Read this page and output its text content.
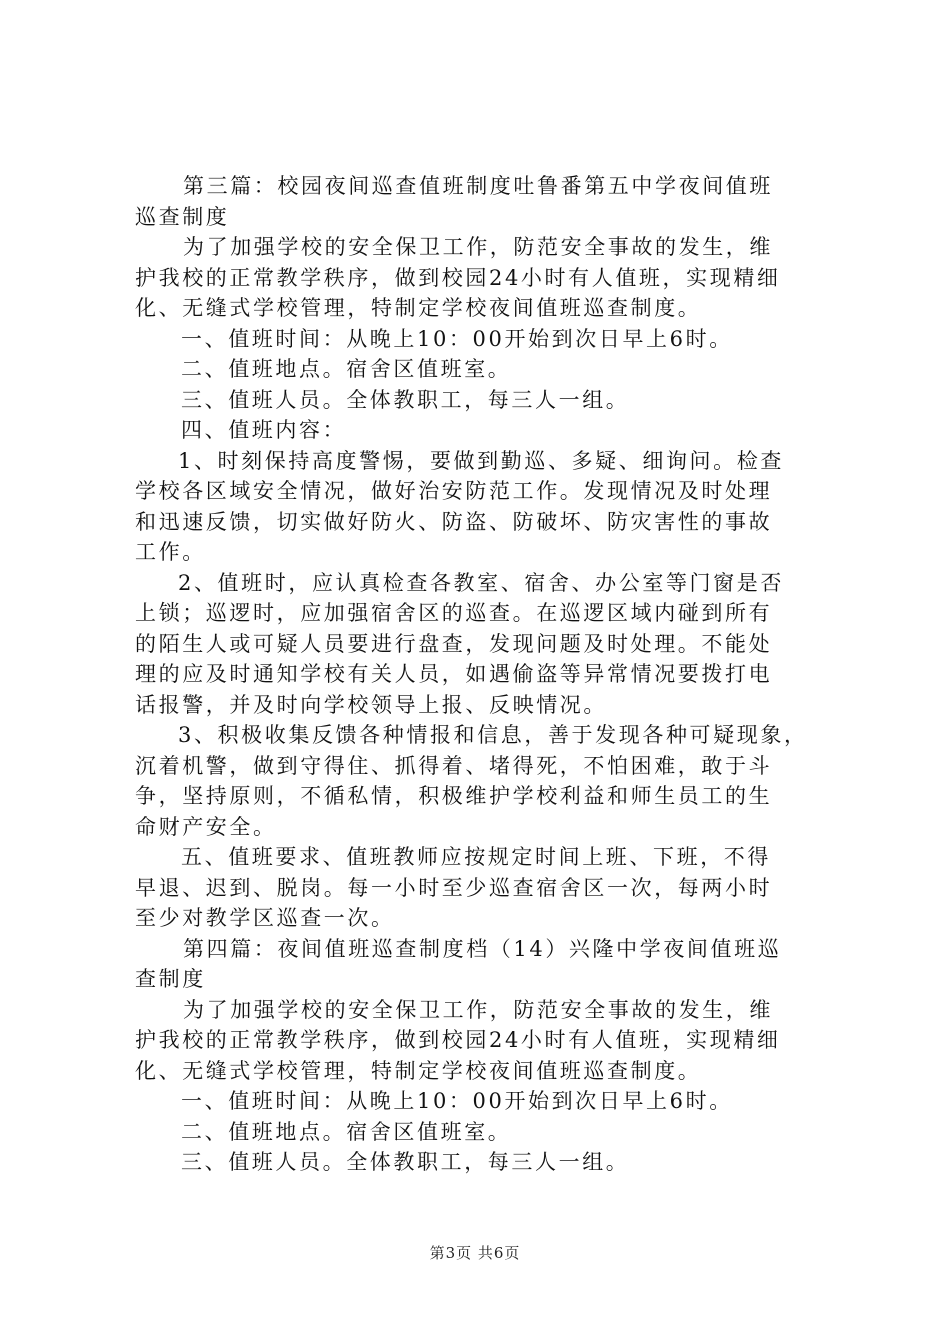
第三篇：校园夜间巡查值班制度吐鲁番第五中学夜间值班
巡查制度
为了加强学校的安全保卫工作，防范安全事故的发生，维
护我校的正常教学秩序，做到校园24小时有人值班，实现精细
化、无缝式学校管理，特制定学校夜间值班巡查制度。
一、值班时间：从晚上10：00开始到次日早上6时。
二、值班地点。宿舍区值班室。
三、值班人员。全体教职工，每三人一组。
四、值班内容：
1、时刻保持高度警惕，要做到勤巡、多疑、细询问。检查
学校各区域安全情况，做好治安防范工作。发现情况及时处理
和迅速反馈，切实做好防火、防盗、防破坏、防灾害性的事故
工作。
2、值班时，应认真检查各教室、宿舍、办公室等门窗是否
上锁；巡逻时，应加强宿舍区的巡查。在巡逻区域内碰到所有
的陌生人或可疑人员要进行盘查，发现问题及时处理。不能处
理的应及时通知学校有关人员，如遇偷盗等异常情况要拨打电
话报警，并及时向学校领导上报、反映情况。
3、积极收集反馈各种情报和信息，善于发现各种可疑现象，
沉着机警，做到守得住、抓得着、堵得死，不怕困难，敢于斗
争，坚持原则，不循私情，积极维护学校利益和师生员工的生
命财产安全。
五、值班要求、值班教师应按规定时间上班、下班，不得
早退、迟到、脱岗。每一小时至少巡查宿舍区一次，每两小时
至少对教学区巡查一次。
第四篇：夜间值班巡查制度档（14）兴隆中学夜间值班巡
查制度
为了加强学校的安全保卫工作，防范安全事故的发生，维
护我校的正常教学秩序，做到校园24小时有人值班，实现精细
化、无缝式学校管理，特制定学校夜间值班巡查制度。
一、值班时间：从晚上10：00开始到次日早上6时。
二、值班地点。宿舍区值班室。
三、值班人员。全体教职工，每三人一组。
第3页 共6页
